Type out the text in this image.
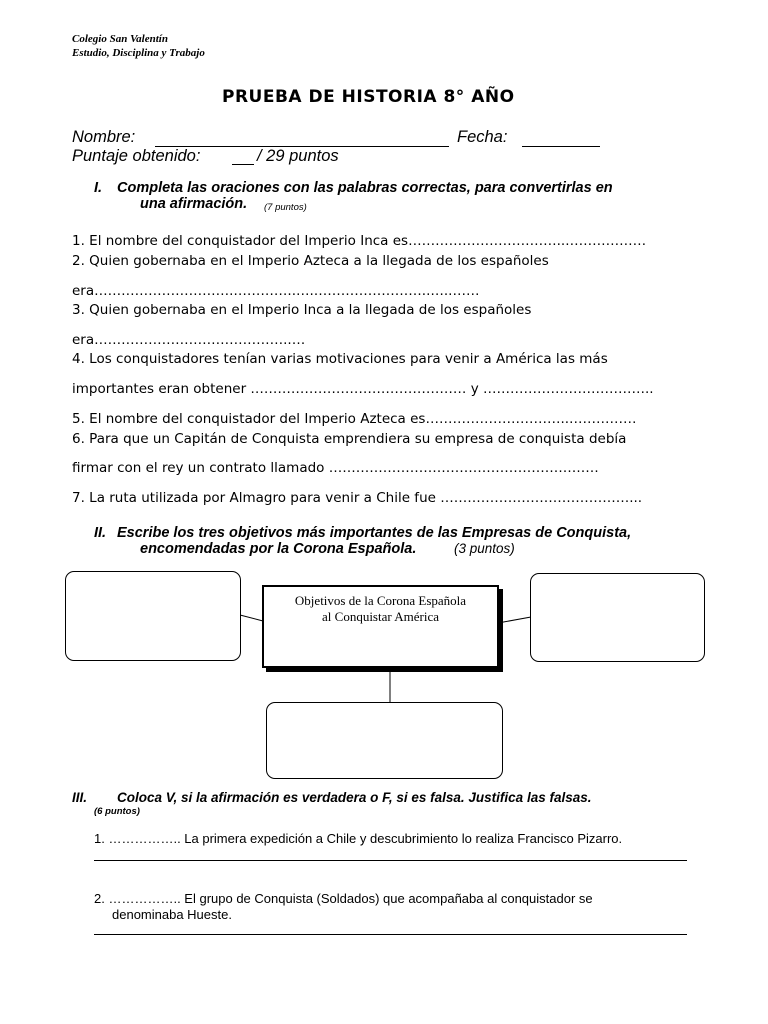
Colegio San Valentín
Estudio, Disciplina y Trabajo
PRUEBA DE HISTORIA 8° AÑO
Nombre:	Fecha:
Puntaje obtenido:	/ 29 puntos
I. Completa las oraciones con las palabras correctas, para convertirlas en
una afirmación. (7 puntos)
1. El nombre del conquistador del Imperio Inca es……………………………..………………
2. Quien gobernaba en el Imperio Azteca a la llegada de los españoles
era………………………….…………..….……………………..…..……
3. Quien gobernaba en el Imperio Inca a la llegada de los españoles
era……………………………………..…
4. Los conquistadores tenían varias motivaciones para venir a América las más
importantes eran obtener ………………………………………… y ………………………………..
5. El nombre del conquistador del Imperio Azteca es…………………………..……………
6. Para que un Capitán de Conquista emprendiera su empresa de conquista debía
firmar con el rey un contrato llamado ……………………………………………………
7. La ruta utilizada por Almagro para venir a Chile fue ……………………………………...
II. Escribe los tres objetivos más importantes de las Empresas de Conquista,
encomendadas por la Corona Española.	(3 puntos)
Objetivos de la Corona Española
al Conquistar América
III. Coloca V, si la afirmación es verdadera o F, si es falsa. Justifica las falsas.
(6 puntos)
1. …………….. La primera expedición a Chile y descubrimiento lo realiza Francisco Pizarro.
2. …………….. El grupo de Conquista (Soldados) que acompañaba al conquistador se
denominaba Hueste.
